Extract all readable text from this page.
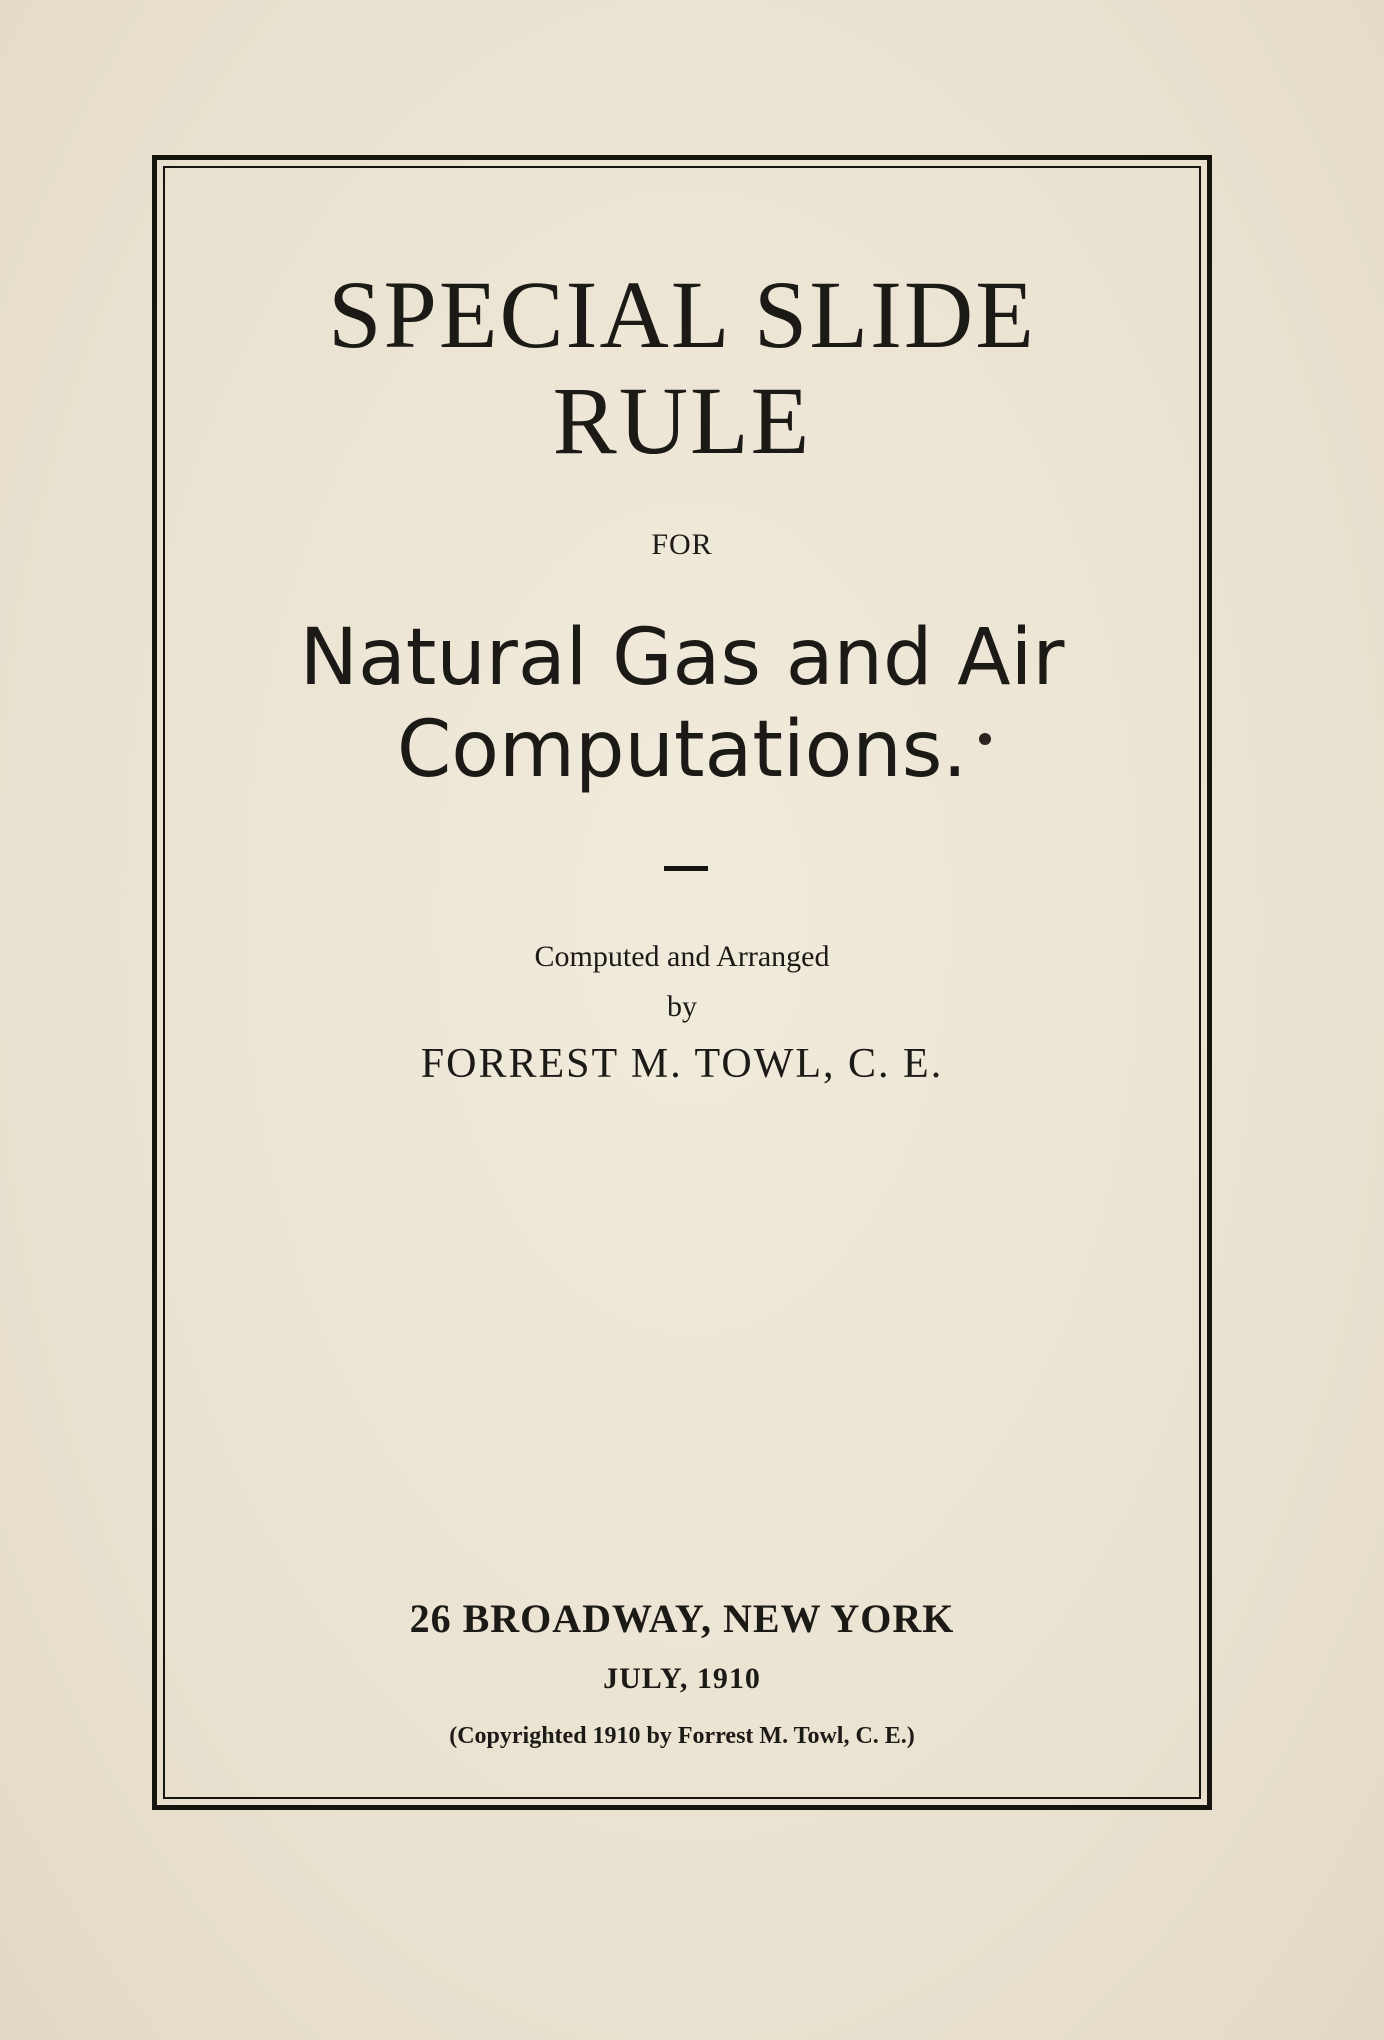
SPECIAL SLIDE
RULE
FOR
Natural Gas and Air
Computations.
Computed and Arranged
by
FORREST M. TOWL, C. E.
26 BROADWAY, NEW YORK
JULY, 1910
(Copyrighted 1910 by Forrest M. Towl, C. E.)
